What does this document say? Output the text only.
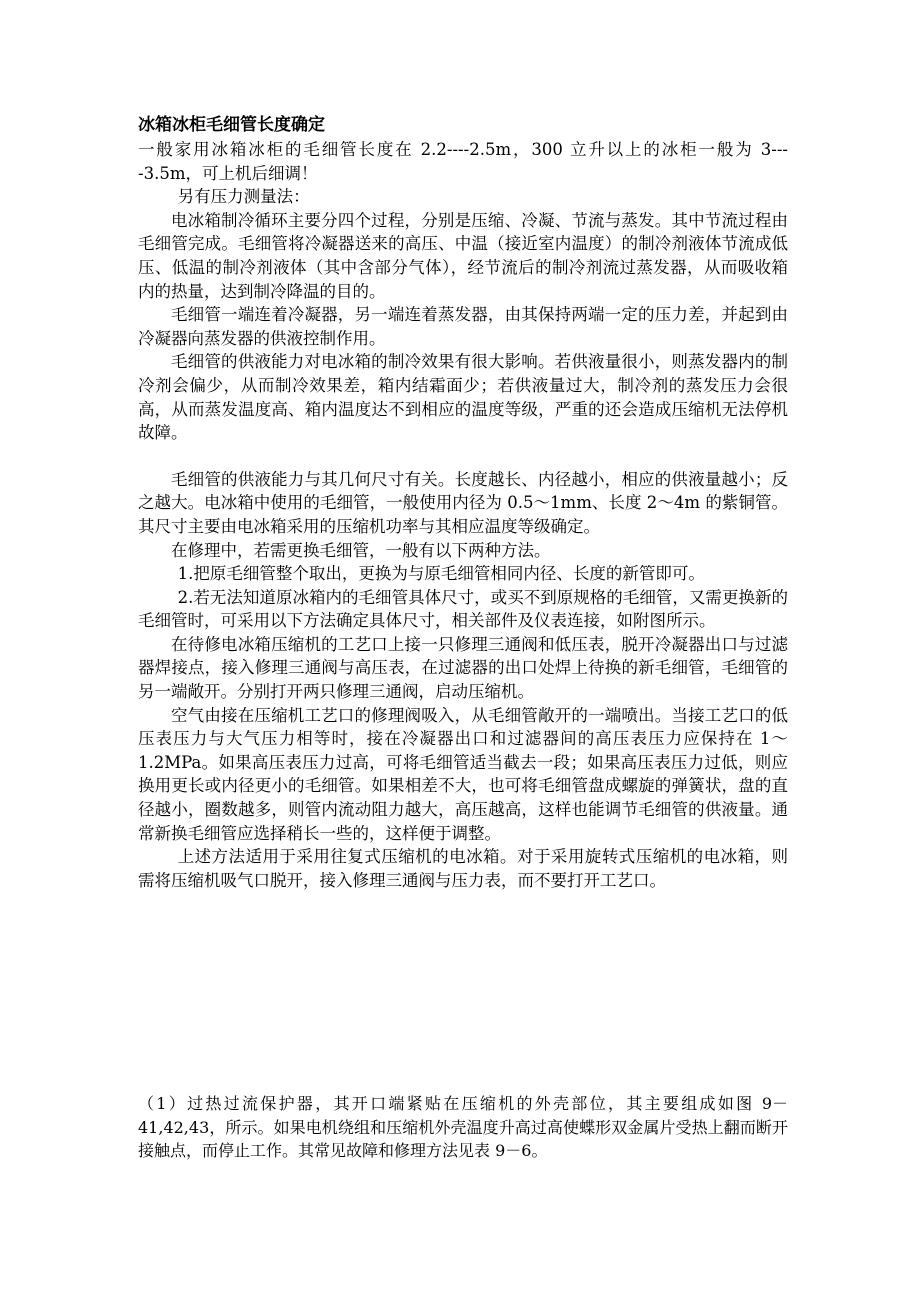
冰箱冰柜毛细管长度确定

一般家用冰箱冰柜的毛细管长度在 2.2----2.5m，300 立升以上的冰柜一般为 3----3.5m，可上机后细调！

另有压力测量法：

电冰箱制冷循环主要分四个过程，分别是压缩、冷凝、节流与蒸发。其中节流过程由毛细管完成。毛细管将冷凝器送来的高压、中温（接近室内温度）的制冷剂液体节流成低压、低温的制冷剂液体（其中含部分气体），经节流后的制冷剂流过蒸发器，从而吸收箱内的热量，达到制冷降温的目的。

毛细管一端连着冷凝器，另一端连着蒸发器，由其保持两端一定的压力差，并起到由冷凝器向蒸发器的供液控制作用。

毛细管的供液能力对电冰箱的制冷效果有很大影响。若供液量很小，则蒸发器内的制冷剂会偏少，从而制冷效果差，箱内结霜面少；若供液量过大，制冷剂的蒸发压力会很高，从而蒸发温度高、箱内温度达不到相应的温度等级，严重的还会造成压缩机无法停机故障。

毛细管的供液能力与其几何尺寸有关。长度越长、内径越小，相应的供液量越小；反之越大。电冰箱中使用的毛细管，一般使用内径为 0.5～1mm、长度 2～4m 的紫铜管。其尺寸主要由电冰箱采用的压缩机功率与其相应温度等级确定。

在修理中，若需更换毛细管，一般有以下两种方法。

1.把原毛细管整个取出，更换为与原毛细管相同内径、长度的新管即可。

2.若无法知道原冰箱内的毛细管具体尺寸，或买不到原规格的毛细管，又需更换新的毛细管时，可采用以下方法确定具体尺寸，相关部件及仪表连接，如附图所示。

在待修电冰箱压缩机的工艺口上接一只修理三通阀和低压表，脱开冷凝器出口与过滤器焊接点，接入修理三通阀与高压表，在过滤器的出口处焊上待换的新毛细管，毛细管的另一端敞开。分别打开两只修理三通阀，启动压缩机。

空气由接在压缩机工艺口的修理阀吸入，从毛细管敞开的一端喷出。当接工艺口的低压表压力与大气压力相等时，接在冷凝器出口和过滤器间的高压表压力应保持在 1～1.2MPa。如果高压表压力过高，可将毛细管适当截去一段；如果高压表压力过低，则应换用更长或内径更小的毛细管。如果相差不大，也可将毛细管盘成螺旋的弹簧状，盘的直径越小，圈数越多，则管内流动阻力越大，高压越高，这样也能调节毛细管的供液量。通常新换毛细管应选择稍长一些的，这样便于调整。

上述方法适用于采用往复式压缩机的电冰箱。对于采用旋转式压缩机的电冰箱，则需将压缩机吸气口脱开，接入修理三通阀与压力表，而不要打开工艺口。

（1）过热过流保护器，其开口端紧贴在压缩机的外壳部位，其主要组成如图 9－41,42,43，所示。如果电机绕组和压缩机外壳温度升高过高使蝶形双金属片受热上翻而断开接触点，而停止工作。其常见故障和修理方法见表 9－6。
